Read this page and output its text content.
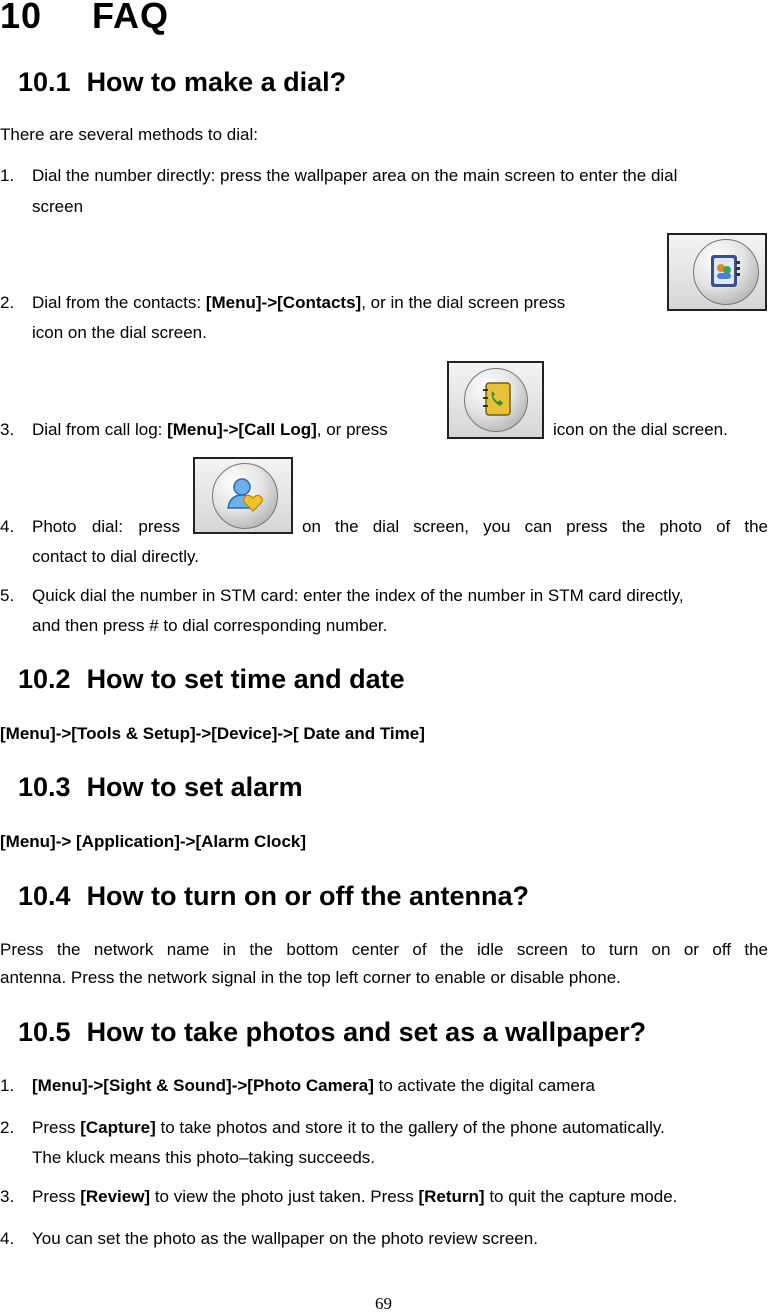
10 FAQ
10.1 How to make a dial?
There are several methods to dial:
1. Dial the number directly: press the wallpaper area on the main screen to enter the dial
screen
2. Dial from the contacts: [Menu]->[Contacts], or in the dial screen press
icon on the dial screen.
3. Dial from call log: [Menu]->[Call Log], or press	icon on the dial screen.
4. Photo dial: press	on the dial screen, you can press the photo of the
contact to dial directly.
5. Quick dial the number in STM card: enter the index of the number in STM card directly,
and then press # to dial corresponding number.
10.2 How to set time and date
[Menu]->[Tools & Setup]->[Device]->[ Date and Time]
10.3 How to set alarm
[Menu]-> [Application]->[Alarm Clock]
10.4 How to turn on or off the antenna?
Press the network name in the bottom center of the idle screen to turn on or off the
antenna. Press the network signal in the top left corner to enable or disable phone.
10.5 How to take photos and set as a wallpaper?
1. [Menu]->[Sight & Sound]->[Photo Camera] to activate the digital camera
2. Press [Capture] to take photos and store it to the gallery of the phone automatically.
The kluck means this photo–taking succeeds.
3. Press [Review] to view the photo just taken. Press [Return] to quit the capture mode.
4. You can set the photo as the wallpaper on the photo review screen.
69
